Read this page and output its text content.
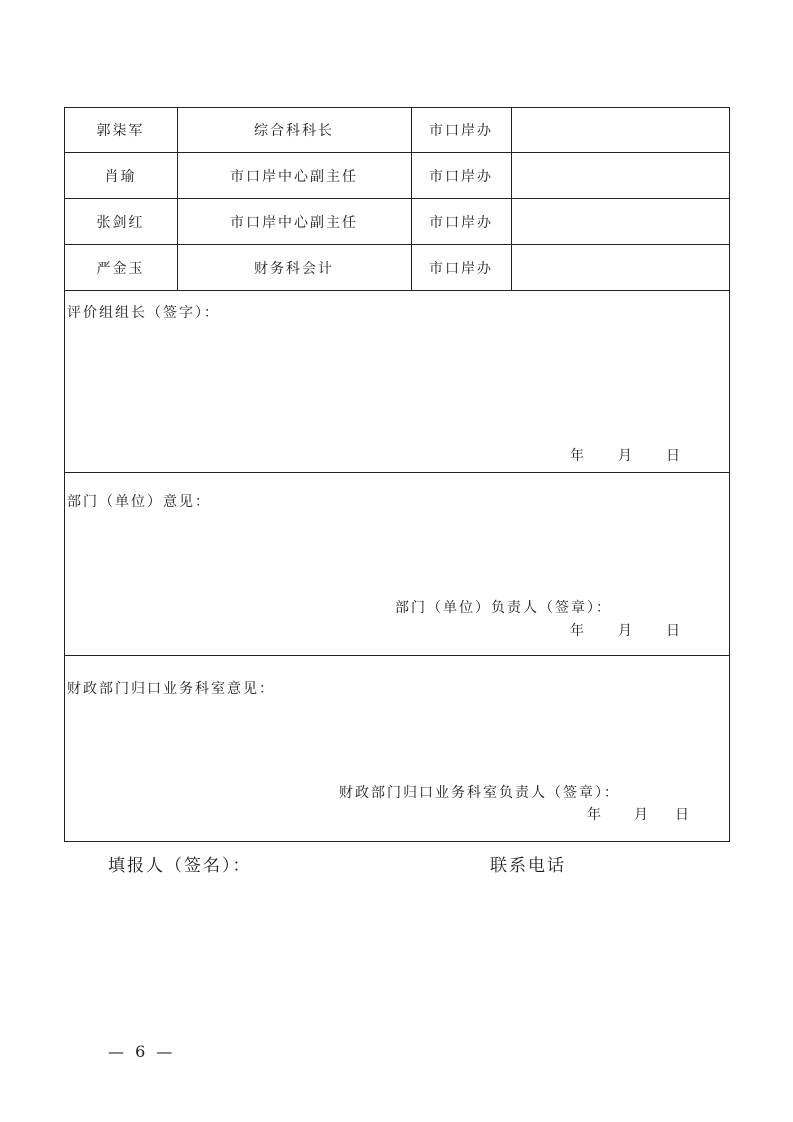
郭柒军	综合科科长	市口岸办
肖瑜	市口岸中心副主任	市口岸办
张剑红	市口岸中心副主任	市口岸办
严金玉	财务科会计	市口岸办
评价组组长（签字）：
年 月 日
部门（单位）意见：
部门（单位）负责人（签章）：
年 月 日
财政部门归口业务科室意见：
财政部门归口业务科室负责人（签章）：
年 月 日
填报人（签名）：	联系电话
— 6 —
